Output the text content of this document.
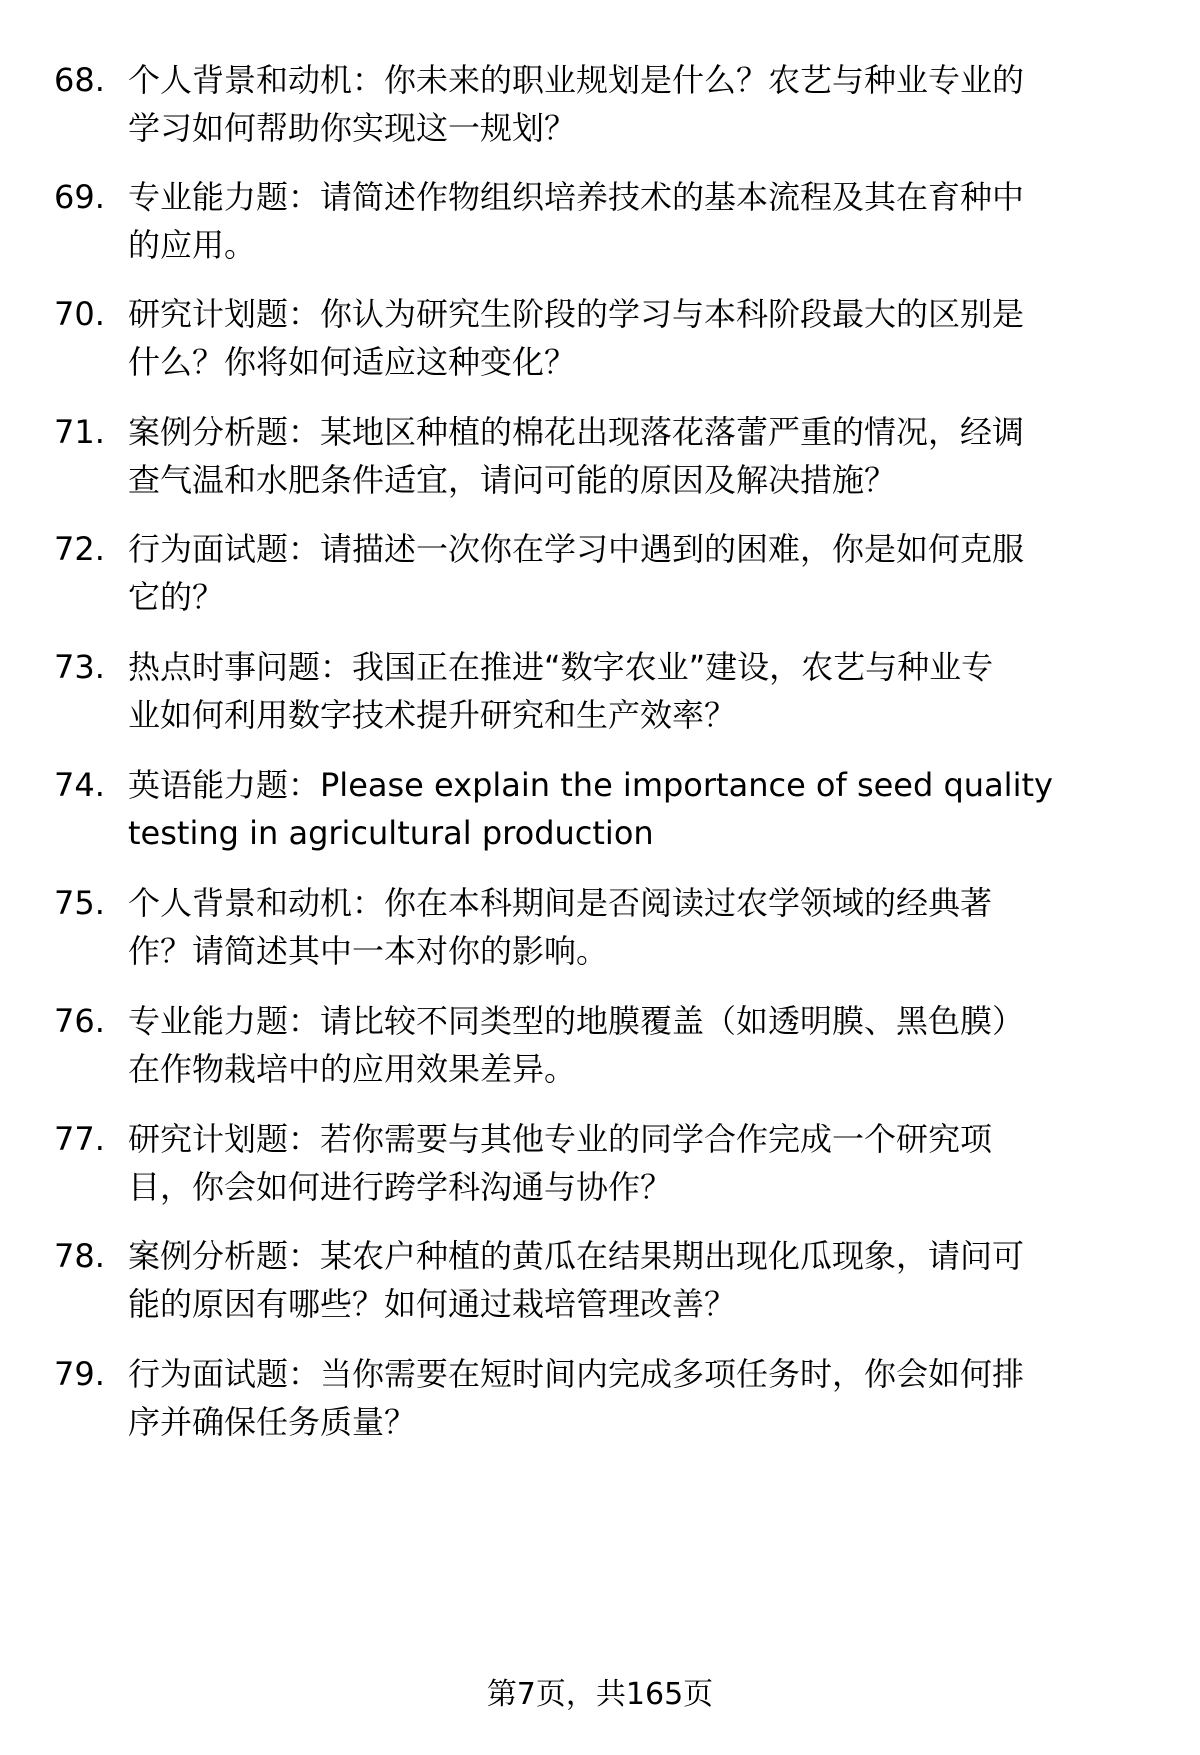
68. 个人背景和动机：你未来的职业规划是什么？农艺与种业专业的
学习如何帮助你实现这一规划？
69. 专业能力题：请简述作物组织培养技术的基本流程及其在育种中
的应用。
70. 研究计划题：你认为研究生阶段的学习与本科阶段最大的区别是
什么？你将如何适应这种变化？
71. 案例分析题：某地区种植的棉花出现落花落蕾严重的情况，经调
查气温和水肥条件适宜，请问可能的原因及解决措施？
72. 行为面试题：请描述一次你在学习中遇到的困难，你是如何克服
它的？
73. 热点时事问题：我国正在推进“数字农业”建设，农艺与种业专
业如何利用数字技术提升研究和生产效率？
74. 英语能力题：Please explain the importance of seed quality
testing in agricultural production
75. 个人背景和动机：你在本科期间是否阅读过农学领域的经典著
作？请简述其中一本对你的影响。
76. 专业能力题：请比较不同类型的地膜覆盖（如透明膜、黑色膜）
在作物栽培中的应用效果差异。
77. 研究计划题：若你需要与其他专业的同学合作完成一个研究项
目，你会如何进行跨学科沟通与协作？
78. 案例分析题：某农户种植的黄瓜在结果期出现化瓜现象，请问可
能的原因有哪些？如何通过栽培管理改善？
79. 行为面试题：当你需要在短时间内完成多项任务时，你会如何排
序并确保任务质量？
第7页，共165页
